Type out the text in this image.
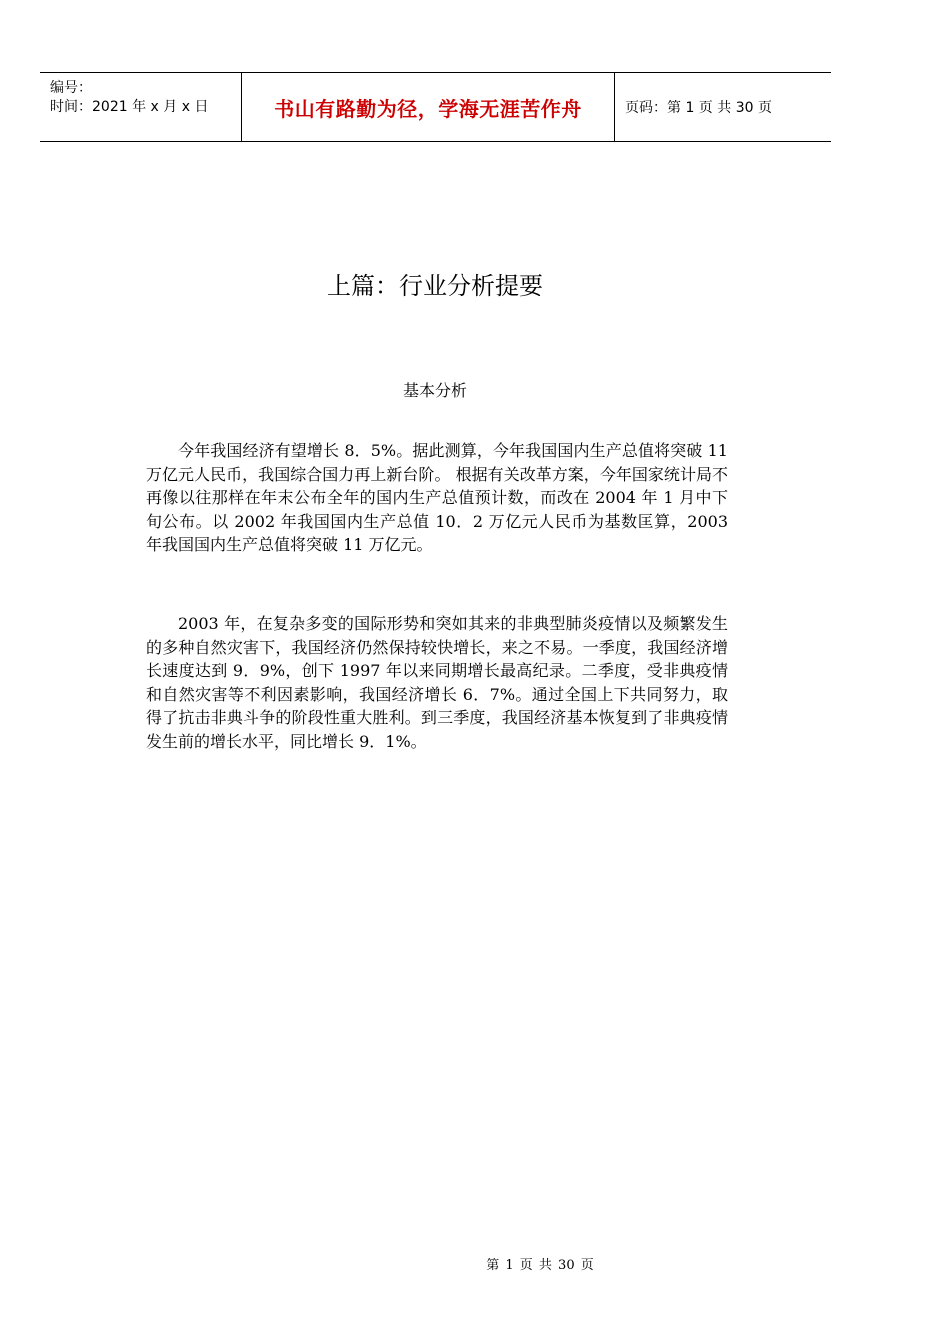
编号：
时间：2021 年 x 月 x 日	书山有路勤为径，学海无涯苦作舟	页码：第 1 页 共 30 页
上篇：行业分析提要
基本分析

今年我国经济有望增长 8．5%。据此测算，今年我国国内生产总值将突破 11 万亿元人民币，我国综合国力再上新台阶。 根据有关改革方案，今年国家统计局不再像以往那样在年末公布全年的国内生产总值预计数，而改在 2004 年 1 月中下旬公布。以 2002 年我国国内生产总值 10．2 万亿元人民币为基数匡算，2003 年我国国内生产总值将突破 11 万亿元。

2003 年，在复杂多变的国际形势和突如其来的非典型肺炎疫情以及频繁发生的多种自然灾害下，我国经济仍然保持较快增长，来之不易。一季度，我国经济增长速度达到 9．9%，创下 1997 年以来同期增长最高纪录。二季度，受非典疫情和自然灾害等不利因素影响，我国经济增长 6．7%。通过全国上下共同努力，取得了抗击非典斗争的阶段性重大胜利。到三季度，我国经济基本恢复到了非典疫情发生前的增长水平，同比增长 9．1%。

第 1 页 共 30 页
